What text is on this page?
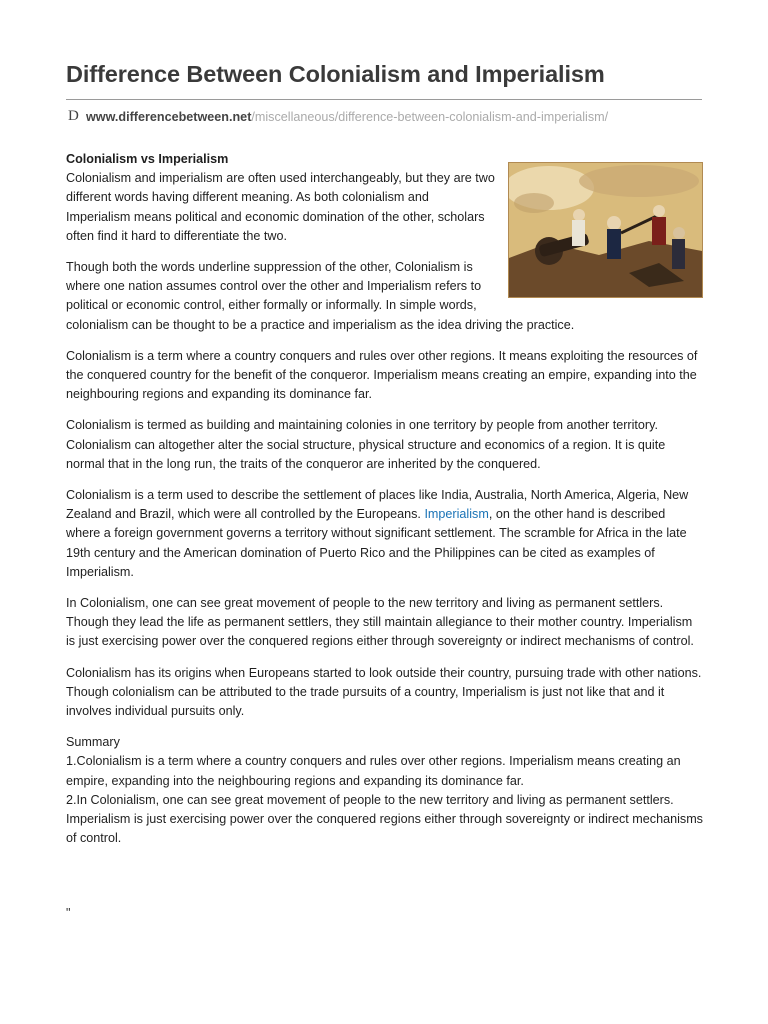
Difference Between Colonialism and Imperialism
D www.differencebetween.net/miscellaneous/difference-between-colonialism-and-imperialism/

Colonialism vs Imperialism
Colonialism and imperialism are often used interchangeably, but they are two different words having different meaning. As both colonialism and Imperialism means political and economic domination of the other, scholars often find it hard to differentiate the two.

Though both the words underline suppression of the other, Colonialism is where one nation assumes control over the other and Imperialism refers to political or economic control, either formally or informally. In simple words, colonialism can be thought to be a practice and imperialism as the idea driving the practice.

Colonialism is a term where a country conquers and rules over other regions. It means exploiting the resources of the conquered country for the benefit of the conqueror. Imperialism means creating an empire, expanding into the neighbouring regions and expanding its dominance far.

Colonialism is termed as building and maintaining colonies in one territory by people from another territory. Colonialism can altogether alter the social structure, physical structure and economics of a region. It is quite normal that in the long run, the traits of the conqueror are inherited by the conquered.

Colonialism is a term used to describe the settlement of places like India, Australia, North America, Algeria, New Zealand and Brazil, which were all controlled by the Europeans. Imperialism, on the other hand is described where a foreign government governs a territory without significant settlement. The scramble for Africa in the late 19th century and the American domination of Puerto Rico and the Philippines can be cited as examples of Imperialism.

In Colonialism, one can see great movement of people to the new territory and living as permanent settlers. Though they lead the life as permanent settlers, they still maintain allegiance to their mother country. Imperialism is just exercising power over the conquered regions either through sovereignty or indirect mechanisms of control.

Colonialism has its origins when Europeans started to look outside their country, pursuing trade with other nations. Though colonialism can be attributed to the trade pursuits of a country, Imperialism is just not like that and it involves individual pursuits only.

Summary
1.Colonialism is a term where a country conquers and rules over other regions. Imperialism means creating an empire, expanding into the neighbouring regions and expanding its dominance far.
2.In Colonialism, one can see great movement of people to the new territory and living as permanent settlers. Imperialism is just exercising power over the conquered regions either through sovereignty or indirect mechanisms of control.

"
